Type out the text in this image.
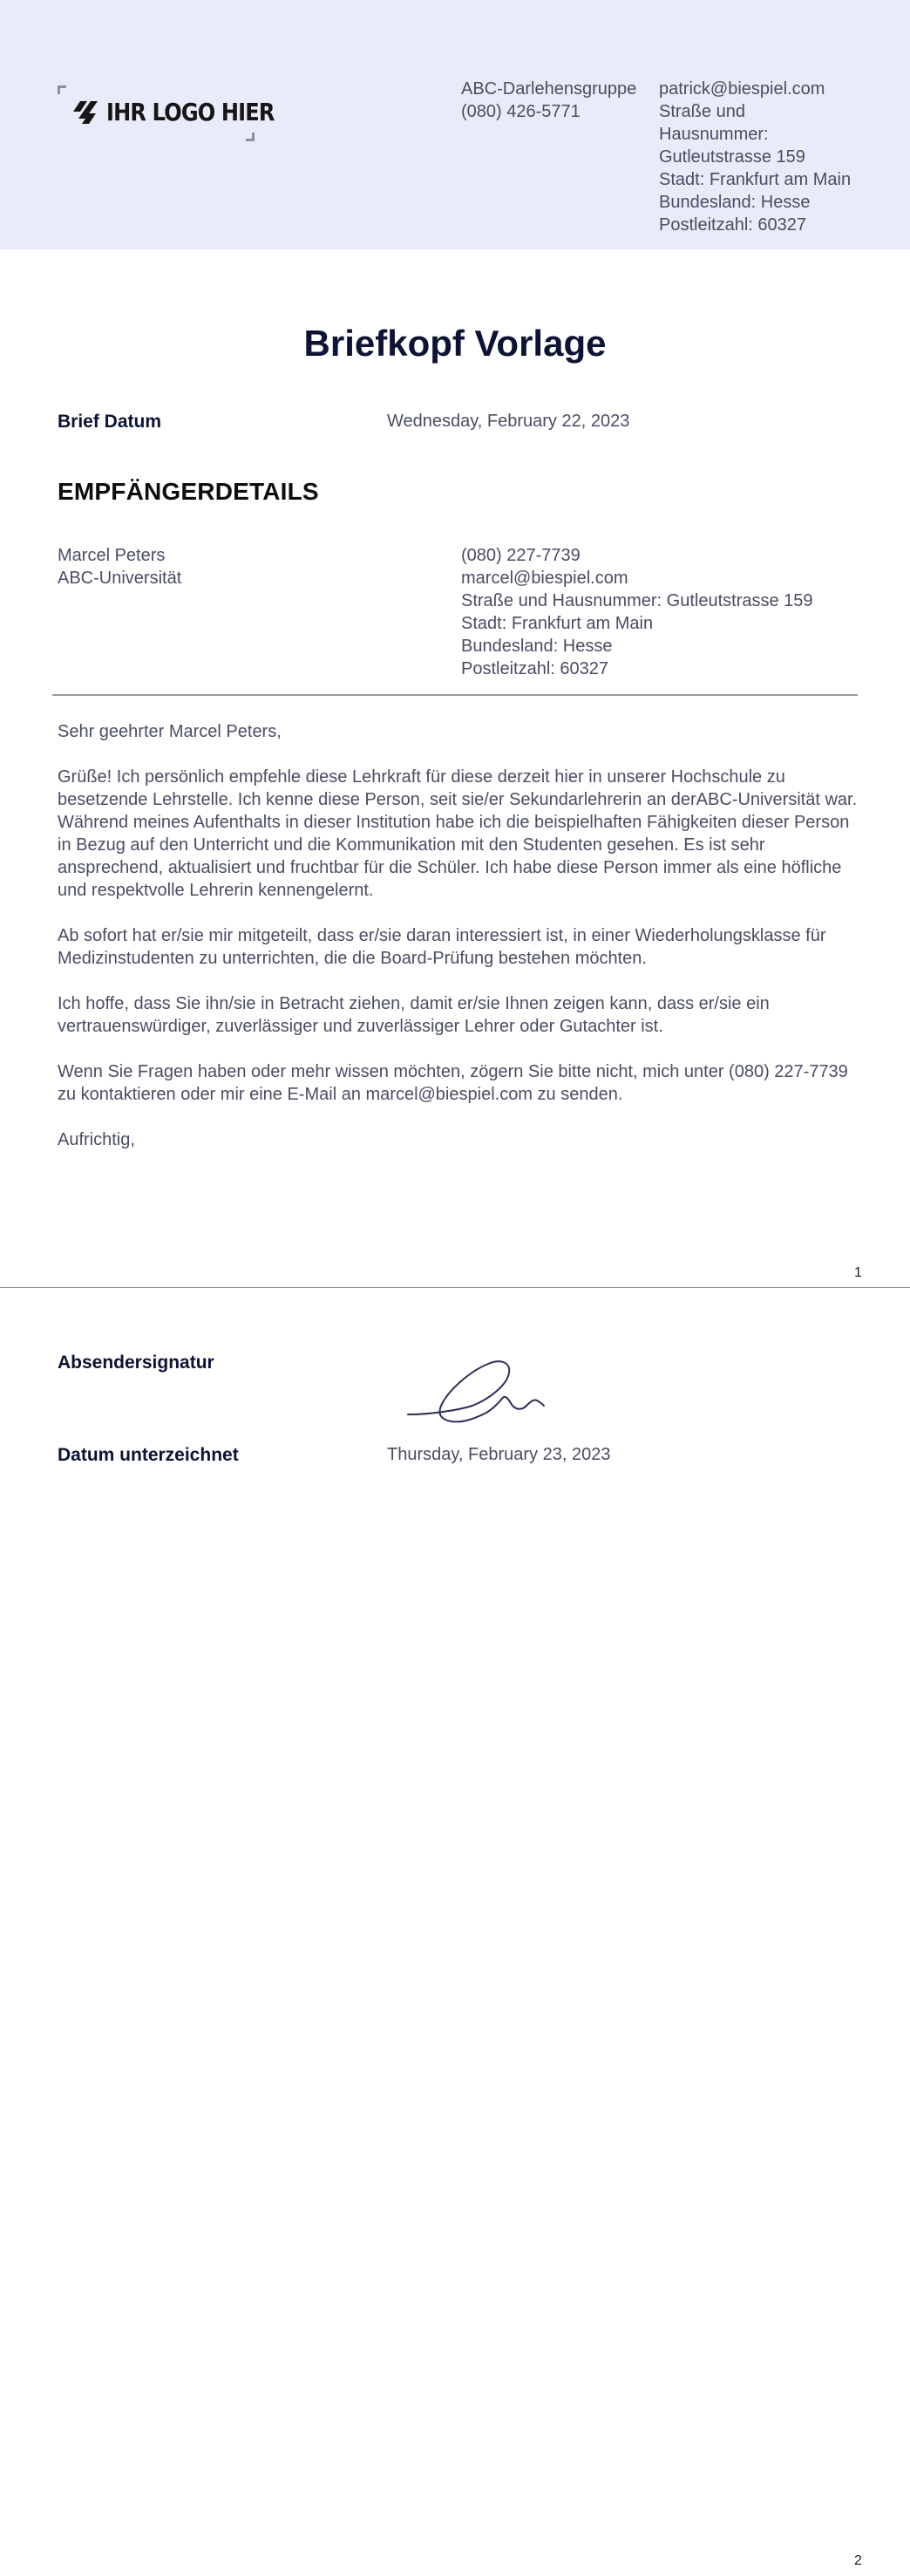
IHR LOGO HIER
ABC-Darlehensgruppe
(080) 426-5771
patrick@biespiel.com
Straße und
Hausnummer:
Gutleutstrasse 159
Stadt: Frankfurt am Main
Bundesland: Hesse
Postleitzahl: 60327
Briefkopf Vorlage
Brief Datum	Wednesday, February 22, 2023
EMPFÄNGERDETAILS
Marcel Peters
ABC-Universität
(080) 227-7739
marcel@biespiel.com
Straße und Hausnummer: Gutleutstrasse 159
Stadt: Frankfurt am Main
Bundesland: Hesse
Postleitzahl: 60327

Sehr geehrter Marcel Peters,

Grüße! Ich persönlich empfehle diese Lehrkraft für diese derzeit hier in unserer Hochschule zu besetzende Lehrstelle. Ich kenne diese Person, seit sie/er Sekundarlehrerin an derABC-Universität war. Während meines Aufenthalts in dieser Institution habe ich die beispielhaften Fähigkeiten dieser Person in Bezug auf den Unterricht und die Kommunikation mit den Studenten gesehen. Es ist sehr ansprechend, aktualisiert und fruchtbar für die Schüler. Ich habe diese Person immer als eine höfliche und respektvolle Lehrerin kennengelernt.

Ab sofort hat er/sie mir mitgeteilt, dass er/sie daran interessiert ist, in einer Wiederholungsklasse für Medizinstudenten zu unterrichten, die die Board-Prüfung bestehen möchten.

Ich hoffe, dass Sie ihn/sie in Betracht ziehen, damit er/sie Ihnen zeigen kann, dass er/sie ein vertrauenswürdiger, zuverlässiger und zuverlässiger Lehrer oder Gutachter ist.

Wenn Sie Fragen haben oder mehr wissen möchten, zögern Sie bitte nicht, mich unter (080) 227-7739 zu kontaktieren oder mir eine E-Mail an marcel@biespiel.com zu senden.

Aufrichtig,

1
Absendersignatur
Datum unterzeichnet	Thursday, February 23, 2023
2
